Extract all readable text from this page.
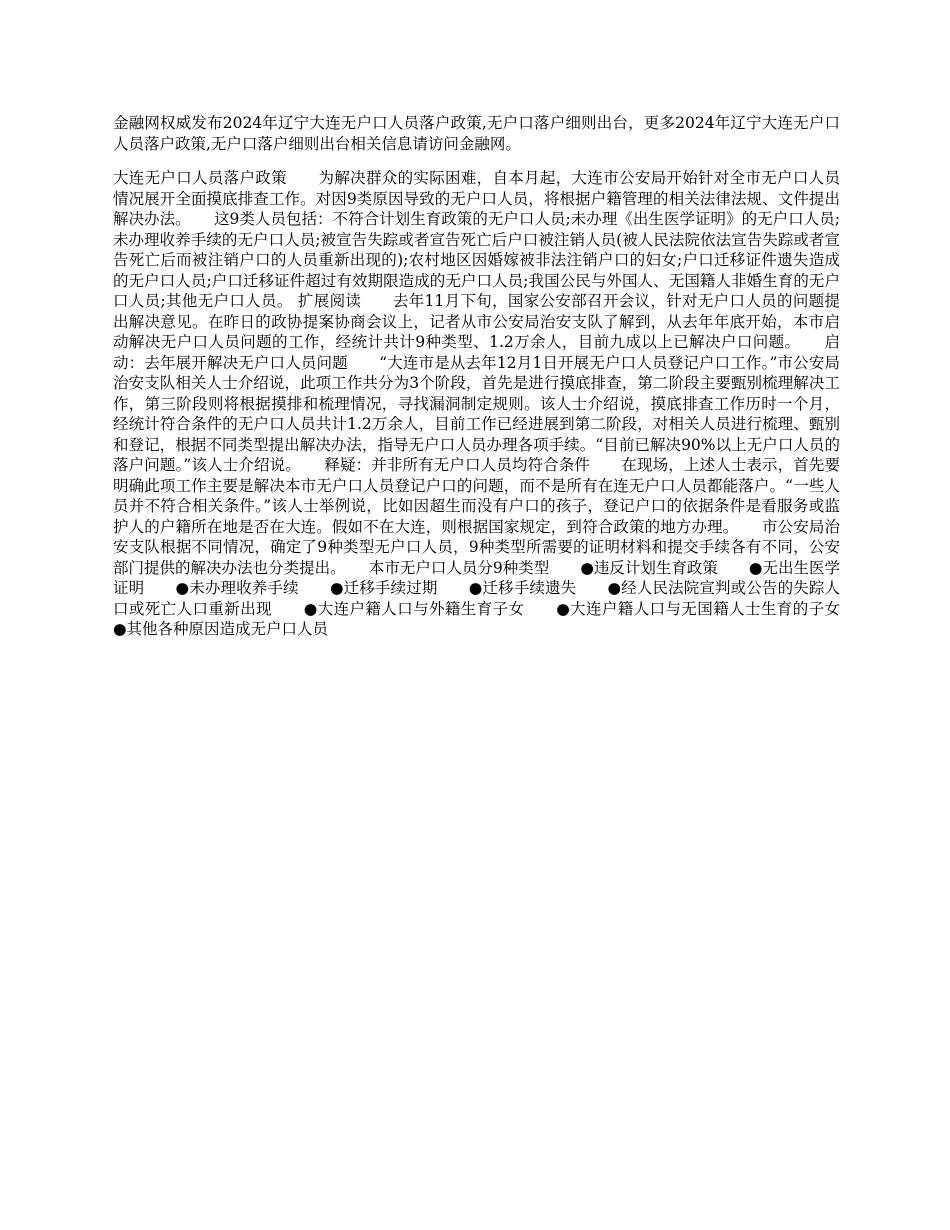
金融网权威发布2024年辽宁大连无户口人员落户政策,无户口落户细则出台，更多2024年辽宁大连无户口人员落户政策,无户口落户细则出台相关信息请访问金融网。

大连无户口人员落户政策　　为解决群众的实际困难，自本月起，大连市公安局开始针对全市无户口人员情况展开全面摸底排查工作。对因9类原因导致的无户口人员，将根据户籍管理的相关法律法规、文件提出解决办法。　　这9类人员包括：不符合计划生育政策的无户口人员;未办理《出生医学证明》的无户口人员;未办理收养手续的无户口人员;被宣告失踪或者宣告死亡后户口被注销人员(被人民法院依法宣告失踪或者宣告死亡后而被注销户口的人员重新出现的);农村地区因婚嫁被非法注销户口的妇女;户口迁移证件遗失造成的无户口人员;户口迁移证件超过有效期限造成的无户口人员;我国公民与外国人、无国籍人非婚生育的无户口人员;其他无户口人员。 扩展阅读　　去年11月下旬，国家公安部召开会议，针对无户口人员的问题提出解决意见。在昨日的政协提案协商会议上，记者从市公安局治安支队了解到，从去年年底开始，本市启动解决无户口人员问题的工作，经统计共计9种类型、1.2万余人，目前九成以上已解决户口问题。　　启动：去年展开解决无户口人员问题　　“大连市是从去年12月1日开展无户口人员登记户口工作。”市公安局治安支队相关人士介绍说，此项工作共分为3个阶段，首先是进行摸底排查，第二阶段主要甄别梳理解决工作，第三阶段则将根据摸排和梳理情况，寻找漏洞制定规则。该人士介绍说，摸底排查工作历时一个月，经统计符合条件的无户口人员共计1.2万余人，目前工作已经进展到第二阶段，对相关人员进行梳理、甄别和登记，根据不同类型提出解决办法，指导无户口人员办理各项手续。“目前已解决90%以上无户口人员的落户问题。”该人士介绍说。　　释疑：并非所有无户口人员均符合条件　　在现场，上述人士表示，首先要明确此项工作主要是解决本市无户口人员登记户口的问题，而不是所有在连无户口人员都能落户。“一些人员并不符合相关条件。”该人士举例说，比如因超生而没有户口的孩子，登记户口的依据条件是看服务或监护人的户籍所在地是否在大连。假如不在大连，则根据国家规定，到符合政策的地方办理。　　市公安局治安支队根据不同情况，确定了9种类型无户口人员，9种类型所需要的证明材料和提交手续各有不同，公安部门提供的解决办法也分类提出。　　本市无户口人员分9种类型　　●违反计划生育政策　　●无出生医学证明　　●未办理收养手续　　●迁移手续过期　　●迁移手续遗失　　●经人民法院宣判或公告的失踪人口或死亡人口重新出现　　●大连户籍人口与外籍生育子女　　●大连户籍人口与无国籍人士生育的子女　　●其他各种原因造成无户口人员
